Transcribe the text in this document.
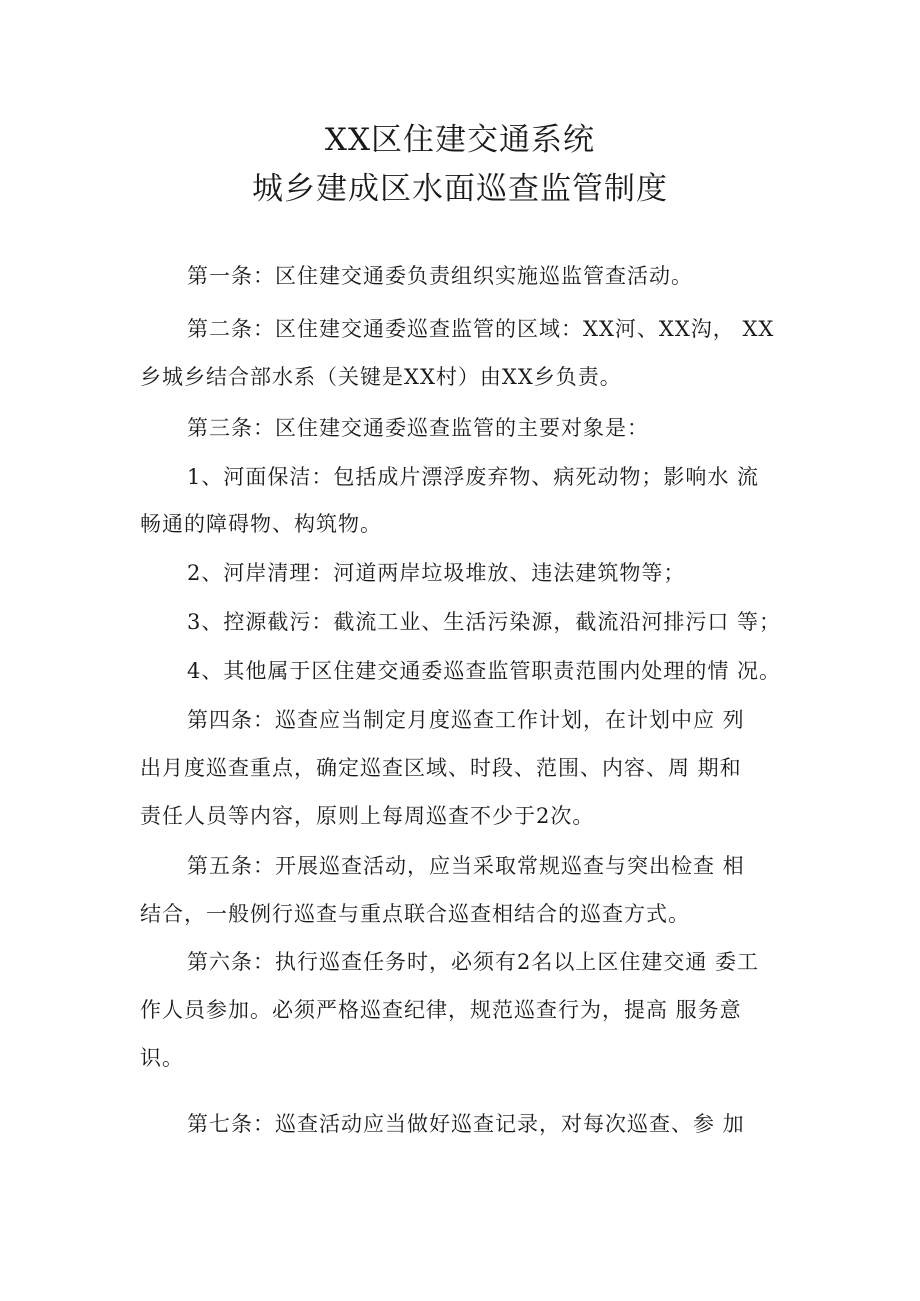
XX区住建交通系统
城乡建成区水面巡查监管制度
第一条：区住建交通委负责组织实施巡监管查活动。
第二条：区住建交通委巡查监管的区域：XX河、XX沟， XX
乡城乡结合部水系（关键是XX村）由XX乡负责。
第三条：区住建交通委巡查监管的主要对象是：
1、河面保洁：包括成片漂浮废弃物、病死动物；影响水 流
畅通的障碍物、构筑物。
2、河岸清理：河道两岸垃圾堆放、违法建筑物等；
3、控源截污：截流工业、生活污染源，截流沿河排污口 等；
4、其他属于区住建交通委巡查监管职责范围内处理的情 况。
第四条：巡查应当制定月度巡查工作计划，在计划中应 列
出月度巡查重点，确定巡查区域、时段、范围、内容、周 期和
责任人员等内容，原则上每周巡查不少于2次。
第五条：开展巡查活动，应当采取常规巡查与突出检查 相
结合，一般例行巡查与重点联合巡查相结合的巡查方式。
第六条：执行巡查任务时，必须有2名以上区住建交通 委工
作人员参加。必须严格巡查纪律，规范巡查行为，提高 服务意
识。
第七条：巡查活动应当做好巡查记录，对每次巡查、参 加
